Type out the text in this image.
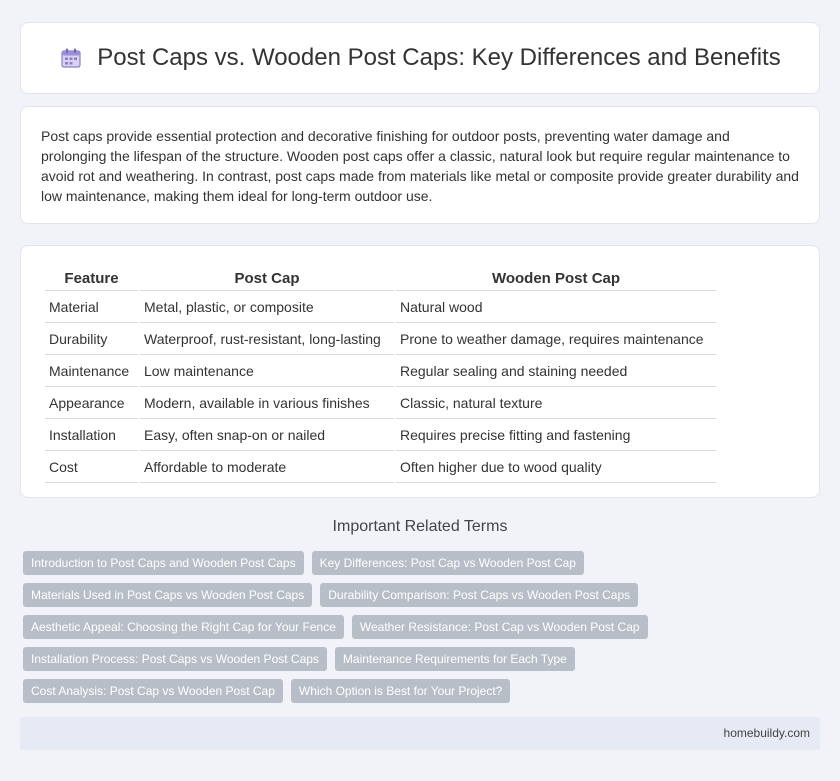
Post Caps vs. Wooden Post Caps: Key Differences and Benefits

Post caps provide essential protection and decorative finishing for outdoor posts, preventing water damage and prolonging the lifespan of the structure. Wooden post caps offer a classic, natural look but require regular maintenance to avoid rot and weathering. In contrast, post caps made from materials like metal or composite provide greater durability and low maintenance, making them ideal for long-term outdoor use.

Feature	Post Cap	Wooden Post Cap
Material	Metal, plastic, or composite	Natural wood
Durability	Waterproof, rust-resistant, long-lasting	Prone to weather damage, requires maintenance
Maintenance	Low maintenance	Regular sealing and staining needed
Appearance	Modern, available in various finishes	Classic, natural texture
Installation	Easy, often snap-on or nailed	Requires precise fitting and fastening
Cost	Affordable to moderate	Often higher due to wood quality
Important Related Terms
Introduction to Post Caps and Wooden Post Caps	Key Differences: Post Cap vs Wooden Post Cap
Materials Used in Post Caps vs Wooden Post Caps	Durability Comparison: Post Caps vs Wooden Post Caps
Aesthetic Appeal: Choosing the Right Cap for Your Fence	Weather Resistance: Post Cap vs Wooden Post Cap
Installation Process: Post Caps vs Wooden Post Caps	Maintenance Requirements for Each Type
Cost Analysis: Post Cap vs Wooden Post Cap	Which Option is Best for Your Project?
homebuildy.com
